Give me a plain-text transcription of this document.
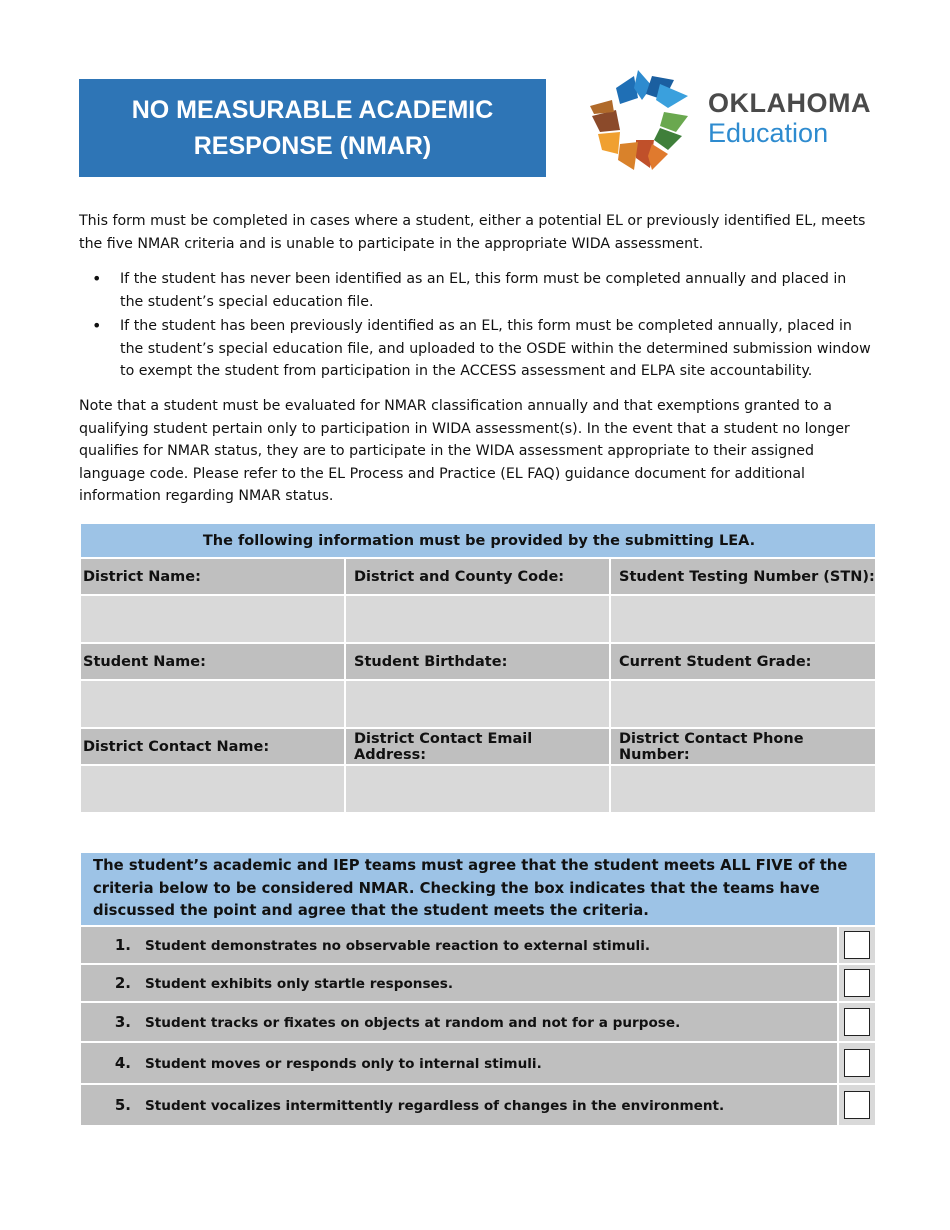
NO MEASURABLE ACADEMIC
RESPONSE (NMAR)
OKLAHOMA
Education
This form must be completed in cases where a student, either a potential EL or previously identified EL, meets the five NMAR criteria and is unable to participate in the appropriate WIDA assessment.
• If the student has never been identified as an EL, this form must be completed annually and placed in the student’s special education file.
• If the student has been previously identified as an EL, this form must be completed annually, placed in the student’s special education file, and uploaded to the OSDE within the determined submission window to exempt the student from participation in the ACCESS assessment and ELPA site accountability.
Note that a student must be evaluated for NMAR classification annually and that exemptions granted to a qualifying student pertain only to participation in WIDA assessment(s). In the event that a student no longer qualifies for NMAR status, they are to participate in the WIDA assessment appropriate to their assigned language code. Please refer to the EL Process and Practice (EL FAQ) guidance document for additional information regarding NMAR status.
The following information must be provided by the submitting LEA.		
District Name:	District and County Code:	Student Testing Number (STN):

Student Name:	Student Birthdate:	Current Student Grade:

District Contact Name:	District Contact Email Address:	District Contact Phone Number:

The student’s academic and IEP teams must agree that the student meets ALL FIVE of the criteria below to be considered NMAR. Checking the box indicates that the teams have discussed the point and agree that the student meets the criteria.	
1. Student demonstrates no observable reaction to external stimuli.	
2. Student exhibits only startle responses.	
3. Student tracks or fixates on objects at random and not for a purpose.	
4. Student moves or responds only to internal stimuli.	
5. Student vocalizes intermittently regardless of changes in the environment.	
